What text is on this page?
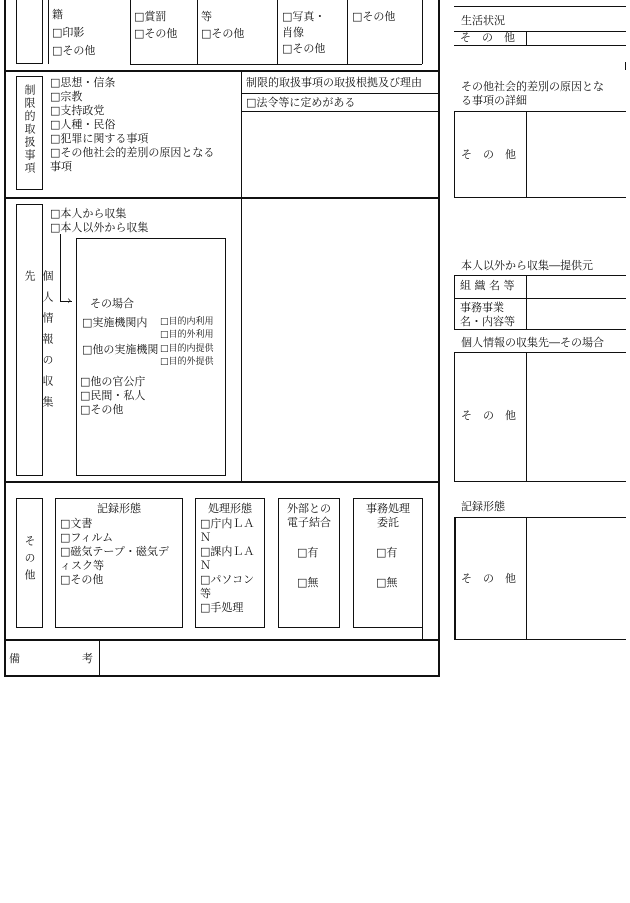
籍
□印影
□その他
□賞罰
□その他
等
□その他
□写真・
肖像
□その他
□その他
制限的取扱事項
□思想・信条
□宗教
□支持政党
□人種・民俗
□犯罪に関する事項
□その他社会的差別の原因となる
事項
制限的取扱事項の取扱根拠及び理由
□法令等に定めがある
個人情報の収集先
□本人から収集
□本人以外から収集
› その場合
□実施機関内 □目的内利用
□目的外利用
□他の実施機関 □目的内提供
□目的外提供
□他の官公庁
□民間・私人
□その他
その他
記録形態
□文書
□フィルム
□磁気テープ・磁気デ
ィスク等
□その他
処理形態
□庁内ＬＡ
Ｎ
□課内ＬＡ
Ｎ
□パソコン
等
□手処理
外部との
電子結合
□有
□無
事務処理
委託
□有
□無
備	考
生活状況
そ　の　他
その他社会的差別の原因とな
る事項の詳細
そ　の　他
本人以外から収集―提供元
組 織 名 等
事務事業
名・内容等
個人情報の収集先―その場合
そ　の　他
記録形態
そ　の　他
